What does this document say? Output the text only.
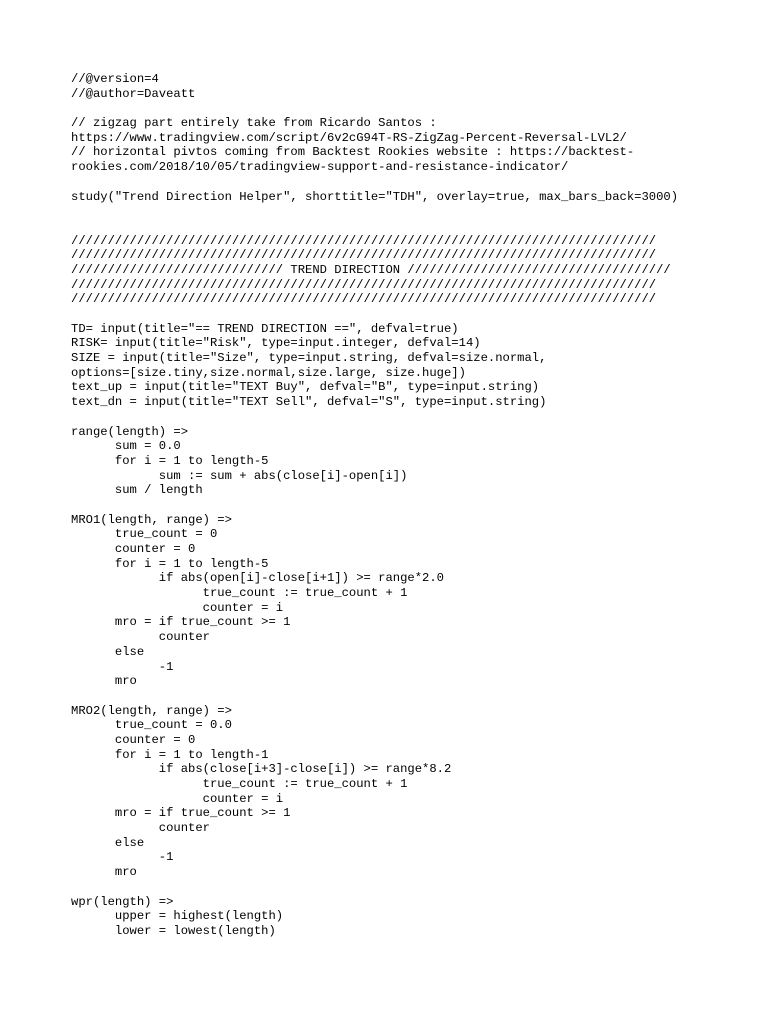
//@version=4
//@author=Daveatt
// zigzag part entirely take from Ricardo Santos :
https://www.tradingview.com/script/6v2cG94T-RS-ZigZag-Percent-Reversal-LVL2/
// horizontal pivtos coming from Backtest Rookies website : https://backtest-
rookies.com/2018/10/05/tradingview-support-and-resistance-indicator/
study("Trend Direction Helper", shorttitle="TDH", overlay=true, max_bars_back=3000)
////////////////////////////////////////////////////////////////////////////////
////////////////////////////////////////////////////////////////////////////////
///////////////////////////// TREND DIRECTION ////////////////////////////////////
////////////////////////////////////////////////////////////////////////////////
////////////////////////////////////////////////////////////////////////////////
TD= input(title="== TREND DIRECTION ==", defval=true)
RISK= input(title="Risk", type=input.integer, defval=14)
SIZE = input(title="Size", type=input.string, defval=size.normal,
options=[size.tiny,size.normal,size.large, size.huge])
text_up = input(title="TEXT Buy", defval="B", type=input.string)
text_dn = input(title="TEXT Sell", defval="S", type=input.string)
range(length) =>
sum = 0.0
for i = 1 to length-5
sum := sum + abs(close[i]-open[i])
sum / length
MRO1(length, range) =>
true_count = 0
counter = 0
for i = 1 to length-5
if abs(open[i]-close[i+1]) >= range*2.0
true_count := true_count + 1
counter = i
mro = if true_count >= 1
counter
else
-1
mro
MRO2(length, range) =>
true_count = 0.0
counter = 0
for i = 1 to length-1
if abs(close[i+3]-close[i]) >= range*8.2
true_count := true_count + 1
counter = i
mro = if true_count >= 1
counter
else
-1
mro
wpr(length) =>
upper = highest(length)
lower = lowest(length)
